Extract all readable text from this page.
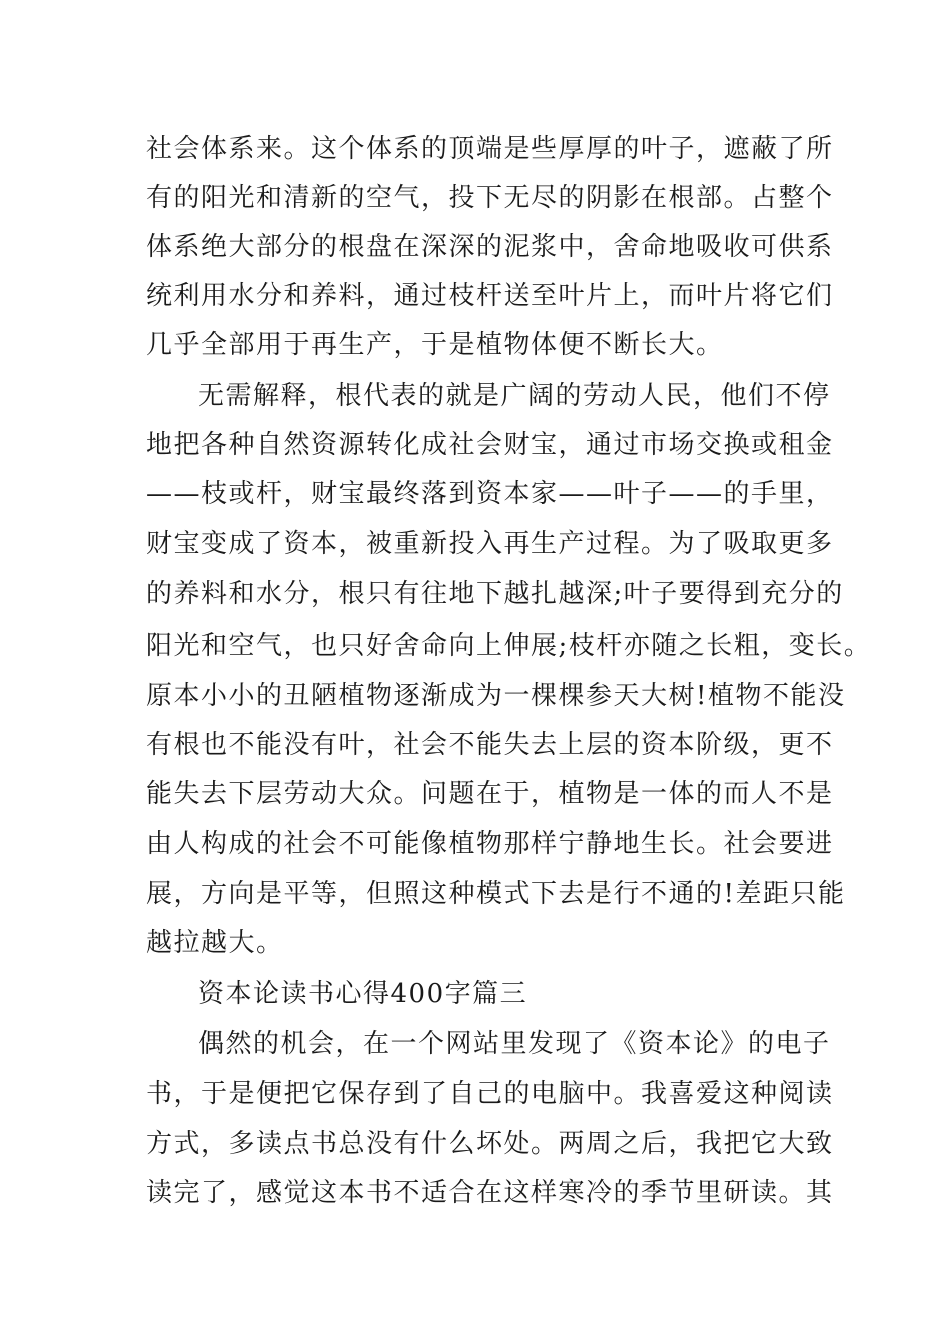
社会体系来。这个体系的顶端是些厚厚的叶子，遮蔽了所
有的阳光和清新的空气，投下无尽的阴影在根部。占整个
体系绝大部分的根盘在深深的泥浆中，舍命地吸收可供系
统利用水分和养料，通过枝杆送至叶片上，而叶片将它们
几乎全部用于再生产，于是植物体便不断长大。
无需解释，根代表的就是广阔的劳动人民，他们不停
地把各种自然资源转化成社会财宝，通过市场交换或租金
——枝或杆，财宝最终落到资本家——叶子——的手里，
财宝变成了资本，被重新投入再生产过程。为了吸取更多
的养料和水分，根只有往地下越扎越深;叶子要得到充分的
阳光和空气，也只好舍命向上伸展;枝杆亦随之长粗，变长。
原本小小的丑陋植物逐渐成为一棵棵参天大树!植物不能没
有根也不能没有叶，社会不能失去上层的资本阶级，更不
能失去下层劳动大众。问题在于，植物是一体的而人不是
由人构成的社会不可能像植物那样宁静地生长。社会要进
展，方向是平等，但照这种模式下去是行不通的!差距只能
越拉越大。
资本论读书心得400字篇三
偶然的机会，在一个网站里发现了《资本论》的电子
书，于是便把它保存到了自己的电脑中。我喜爱这种阅读
方式，多读点书总没有什么坏处。两周之后，我把它大致
读完了，感觉这本书不适合在这样寒冷的季节里研读。其
